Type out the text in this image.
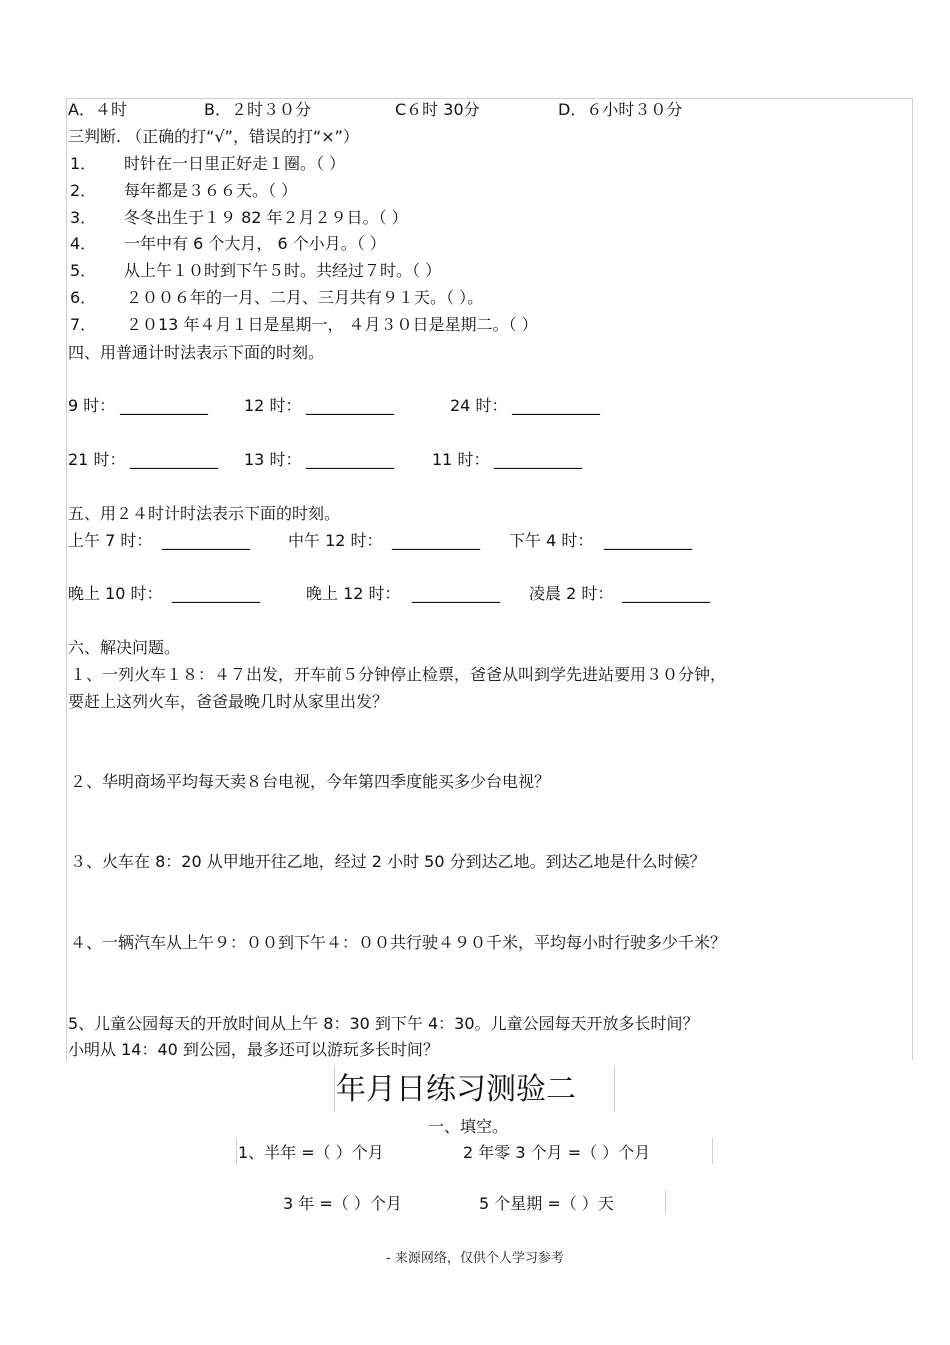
A．４时	B．２时３０分	C６时 30分	D．６小时３０分
三判断. （正确的打“√”，错误的打“×”）
1． 时针在一日里正好走１圈。（ ）
2． 每年都是３６６天。（ ）
3． 冬冬出生于１９ 82 年２月２９日。（ ）
4． 一年中有 6 个大月， 6 个小月。（ ）
5． 从上午１０时到下午５时。共经过７时。（ ）
6． ２００６年的一月、二月、三月共有９１天。（ ）。
7． ２０13 年４月１日是星期一， ４月３０日是星期二。（ ）
四、用普通计时法表示下面的时刻。
9 时： ___________ 12 时： ___________	24 时： ___________
21 时： ___________ 13 时： ___________ 11 时： ___________
五、用２４时计时法表示下面的时刻。
上午 7 时： ___________ 中午 12 时： ___________ 下午 4 时： ___________
晚上 10 时： ___________	晚上 12 时： ___________ 凌晨 2 时： ___________
六、解决问题。
１、一列火车１８：４７出发，开车前５分钟停止检票，爸爸从叫到学先进站要用３０分钟，
要赶上这列火车，爸爸最晚几时从家里出发？
２、华明商场平均每天卖８台电视，今年第四季度能买多少台电视？
３、火车在 8：20 从甲地开往乙地，经过 2 小时 50 分到达乙地。到达乙地是什么时候？
４、一辆汽车从上午９：００到下午４：００共行驶４９０千米，平均每小时行驶多少千米？
5、儿童公园每天的开放时间从上午 8：30 到下午 4：30。儿童公园每天开放多长时间？
小明从 14：40 到公园，最多还可以游玩多长时间？
年月日练习测验二
一、填空。
1、半年 =（ ）个月	2 年零 3 个月 =（ ）个月
3 年 =（ ）个月	5 个星期 =（ ）天
- 来源网络，仅供个人学习参考
